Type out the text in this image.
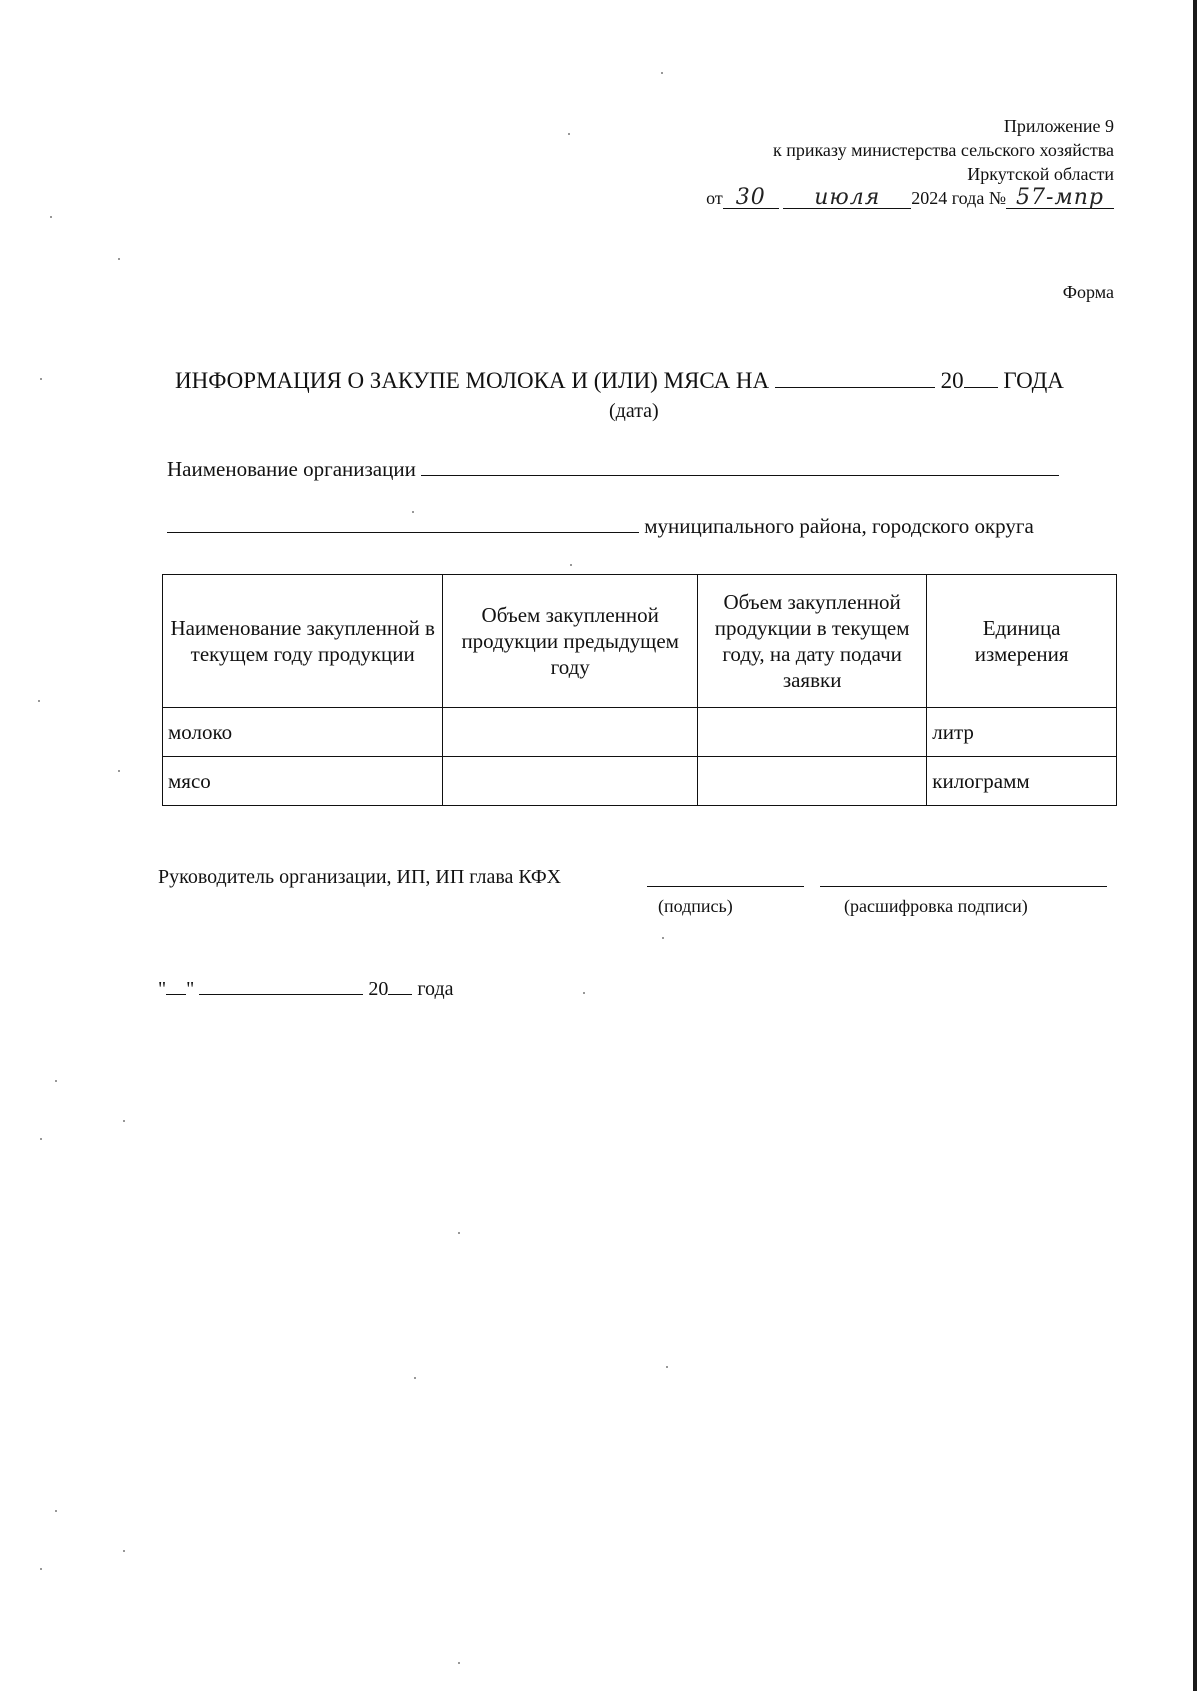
Приложение 9
к приказу министерства сельского хозяйства
Иркутской области
от 30 июля 2024 года № 57-мпр
Форма
ИНФОРМАЦИЯ О ЗАКУПЕ МОЛОКА И (ИЛИ) МЯСА НА	20 ГОДА
(дата)
Наименование организации
муниципального района, городского округа
Наименование закупленной в текущем году продукции	Объем закупленной продукции предыдущем году	Объем закупленной продукции в текущем году, на дату подачи заявки	Единица измерения
молоко			литр
мясо			килограмм
Руководитель организации, ИП, ИП глава КФХ
(подпись)	(расшифровка подписи)
" "	20 года
